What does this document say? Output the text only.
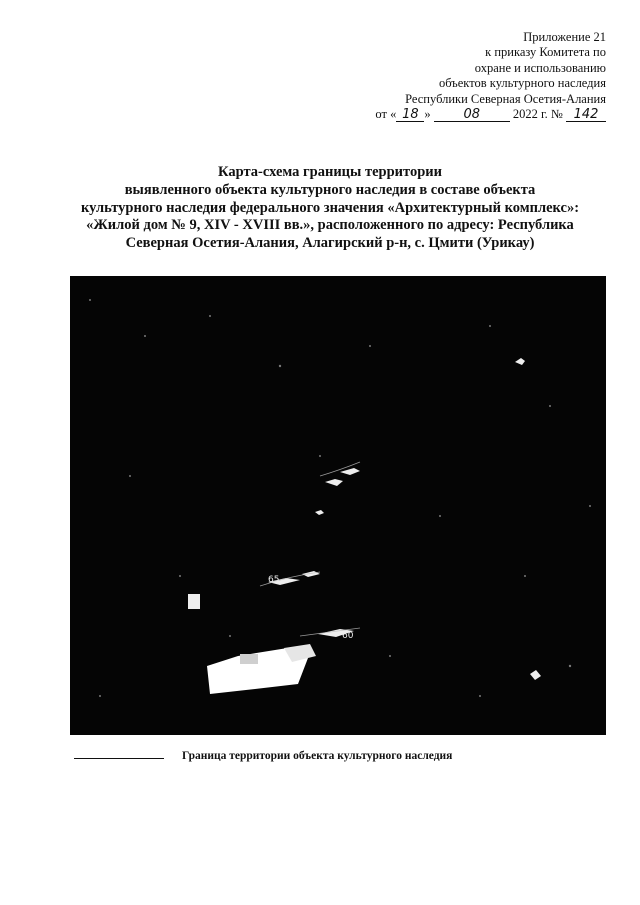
Приложение 21
к приказу Комитета по
охране и использованию
объектов культурного наследия
Республики Северная Осетия-Алания
от « 18 »	08	2022 г. № 142
Карта-схема границы территории
выявленного объекта культурного наследия в составе объекта
культурного наследия федерального значения «Архитектурный комплекс»:
«Жилой дом № 9, XIV - XVIII вв.», расположенного по адресу: Республика
Северная Осетия-Алания, Алагирский р-н, с. Цмити (Урикау)
65
60
Граница территории объекта культурного наследия
